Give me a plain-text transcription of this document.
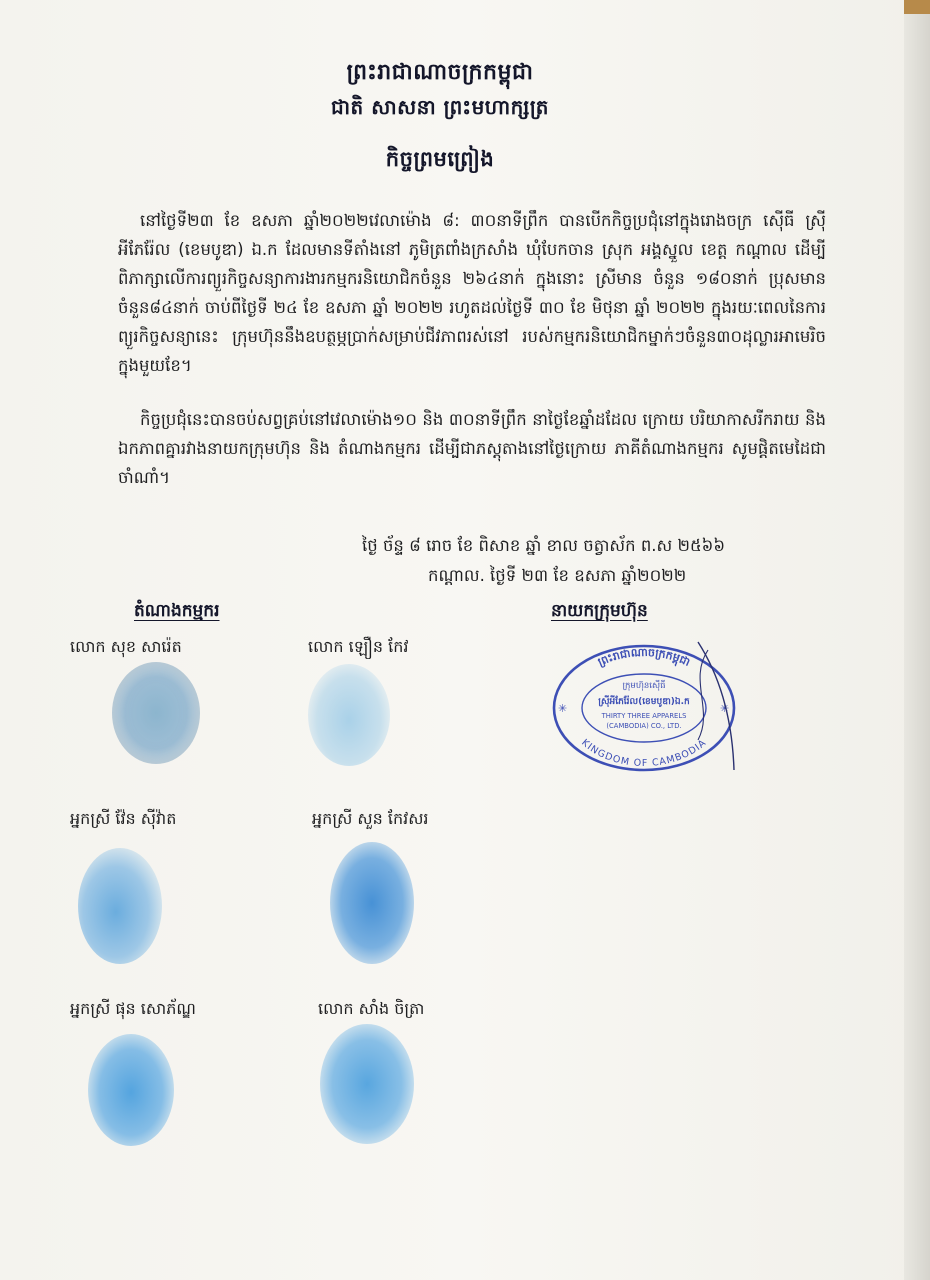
ព្រះរាជាណាចក្រកម្ពុជា
ជាតិ សាសនា ព្រះមហាក្សត្រ
កិច្ចព្រមព្រៀង
នៅថ្ងៃទី២៣ ខែ ឧសភា ឆ្នាំ២០២២វេលាម៉ោង ៨: ៣០នាទីព្រឹក បានបើកកិច្ចប្រជុំនៅក្នុងរោងចក្រ ស៊ើធី ស្រ៊ី អីភែរ៉ែល (ខេមបូឌា) ឯ.ក ដែលមានទីតាំងនៅ ភូមិត្រពាំងក្រសាំង ឃុំបែកចាន ស្រុក អង្គស្នួល ខេត្ត កណ្ដាល ដើម្បីពិភាក្សាលើការព្យួរកិច្ចសន្យាការងារកម្មករនិយោជិកចំនួន ២៦៤នាក់ ក្នុងនោះ ស្រីមាន ចំនួន ១៨០នាក់ ប្រុសមានចំនួន៨៤នាក់ ចាប់ពីថ្ងៃទី ២៤ ខែ ឧសភា ឆ្នាំ ២០២២ រហូតដល់ថ្ងៃទី ៣០ ខែ មិថុនា ឆ្នាំ ២០២២ ក្នុងរយៈពេលនៃការព្យួរកិច្ចសន្យានេះ ក្រុមហ៊ុននឹងឧបត្ថម្ភប្រាក់សម្រាប់ជីវភាពរស់នៅ របស់កម្មករនិយោជិកម្នាក់ៗចំនួន៣០ដុល្លារអាមេរិច ក្នុងមួយខែ។
កិច្ចប្រជុំនេះបានចប់សព្វគ្រប់នៅវេលាម៉ោង១០ និង ៣០នាទីព្រឹក នាថ្ងៃខែឆ្នាំដដែល ក្រោយ បរិយាកាសរីករាយ និង ឯកភាពគ្នារវាងនាយកក្រុមហ៊ុន និង តំណាងកម្មករ ដើម្បីជាភស្តុតាងនៅថ្ងៃក្រោយ ភាគីតំណាងកម្មករ សូមផ្តិតមេដៃជាចាំណាំ។
ថ្ងៃ ច័ន្ទ ៨ រោច ខែ ពិសាខ ឆ្នាំ ខាល ចត្វាស័ក ព.ស ២៥៦៦
កណ្ដាល. ថ្ងៃទី ២៣ ខែ ឧសភា ឆ្នាំ២០២២
តំណាងកម្មករ	នាយកក្រុមហ៊ុន
លោក សុខ សារ៉េត	លោក ឡឿន កែវ
អ្នកស្រី វ៉ែន ស៊ីវ៉ាត	អ្នកស្រី សួន កែវសរ
អ្នកស្រី ផុន សោភ័ណ្ឌ	លោក សាំង ចិត្រា
ព្រះរាជាណាចក្រកម្ពុជា
KINGDOM OF CAMBODIA
✳	✳
ក្រុមហ៊ុនស៊ើធី
ស្រ៊ីអីភែរ៉ែល(ខេមបូឌា)ឯ.ក
THIRTY THREE APPARELS
(CAMBODIA) CO., LTD.
